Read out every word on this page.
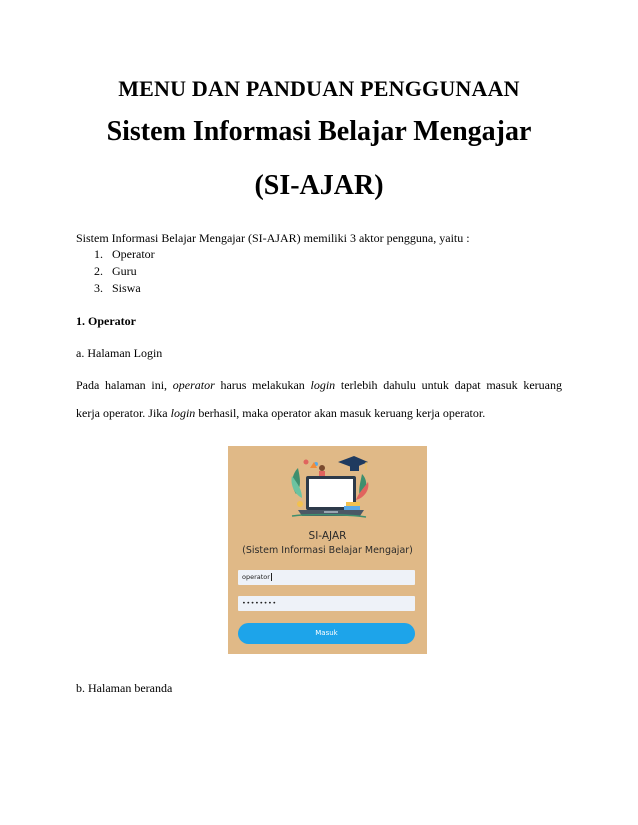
MENU DAN PANDUAN PENGGUNAAN
Sistem Informasi Belajar Mengajar
(SI-AJAR)
Sistem Informasi Belajar Mengajar (SI-AJAR) memiliki 3 aktor pengguna, yaitu :
1. Operator
2. Guru
3. Siswa
1. Operator
a. Halaman Login
Pada halaman ini, operator harus melakukan login terlebih dahulu untuk dapat masuk keruang
kerja operator. Jika login berhasil, maka operator akan masuk keruang kerja operator.
SI-AJAR
(Sistem Informasi Belajar Mengajar)
operator
••••••••
Masuk
b. Halaman beranda
